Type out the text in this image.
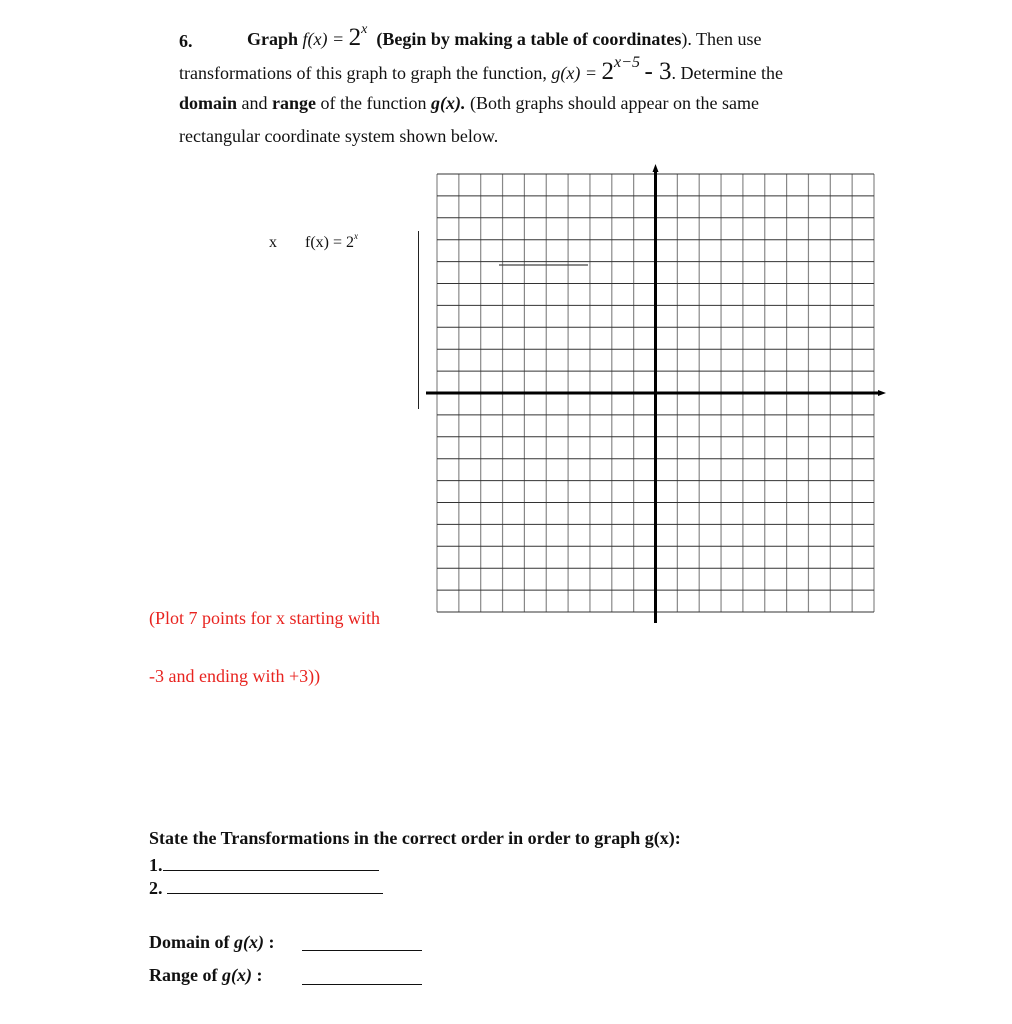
6.	Graph $f(x) = 2^x$ (Begin by making a table of coordinates). Then use
transformations of this graph to graph the function, g(x) = 2x−5 - 3. Determine the
domain and range of the function g(x). (Both graphs should appear on the same
rectangular coordinate system shown below.
x $f(x) = 2^x$
(Plot 7 points for x starting with
-3 and ending with +3))
State the Transformations in the correct order in order to graph g(x):
1.
2.
Domain of g(x) :
Range of g(x) :
